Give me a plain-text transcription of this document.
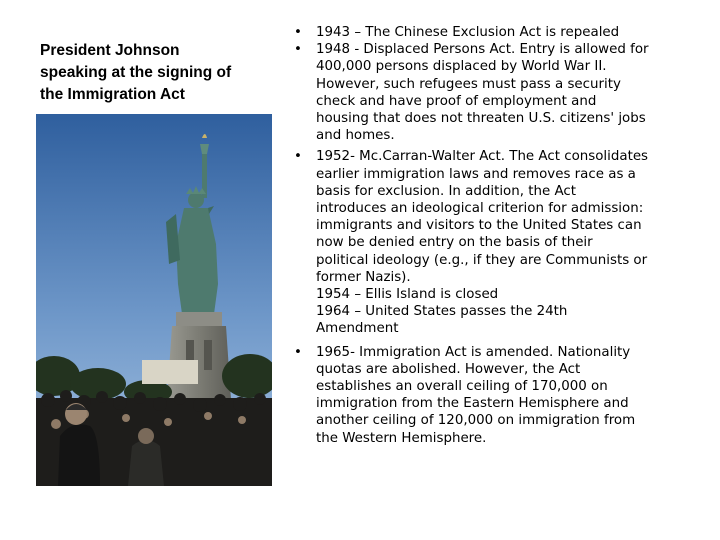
President Johnson
speaking at the signing of
the Immigration Act
• 1943 – The Chinese Exclusion Act is repealed
• 1948 - Displaced Persons Act. Entry is allowed for
400,000 persons displaced by World War II.
However, such refugees must pass a security
check and have proof of employment and
housing that does not threaten U.S. citizens' jobs
and homes.
• 1952- Mc.Carran-Walter Act. The Act consolidates
earlier immigration laws and removes race as a
basis for exclusion. In addition, the Act
introduces an ideological criterion for admission:
immigrants and visitors to the United States can
now be denied entry on the basis of their
political ideology (e.g., if they are Communists or
former Nazis).
1954 – Ellis Island is closed
1964 – United States passes the 24th
Amendment
• 1965- Immigration Act is amended. Nationality
quotas are abolished. However, the Act
establishes an overall ceiling of 170,000 on
immigration from the Eastern Hemisphere and
another ceiling of 120,000 on immigration from
the Western Hemisphere.
